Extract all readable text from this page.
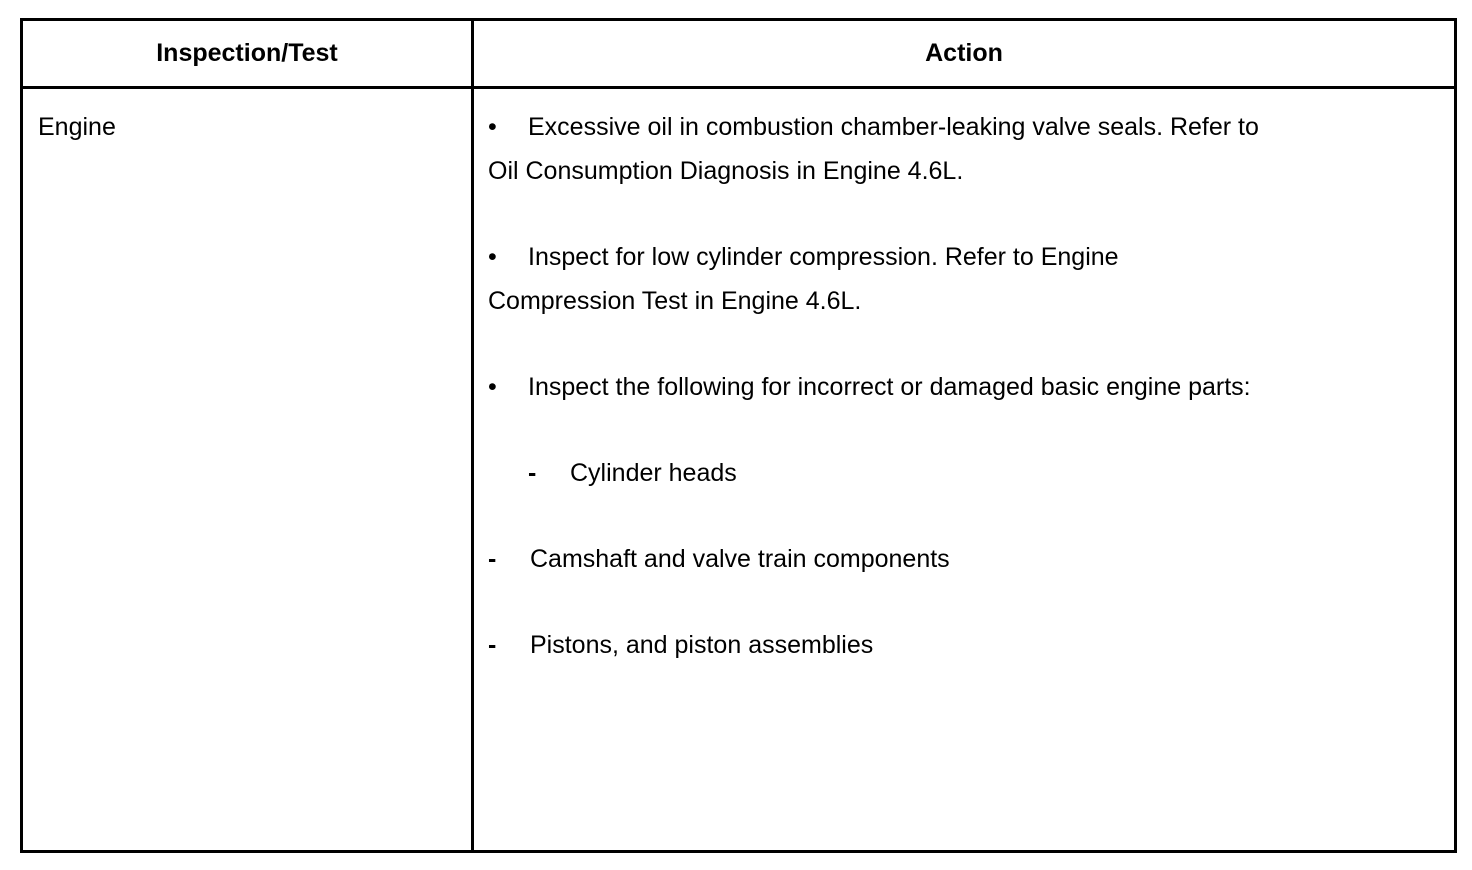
Inspection/Test	Action
Engine	• Excessive oil in combustion chamber-leaking valve seals. Refer to
Oil Consumption Diagnosis in Engine 4.6L.
• Inspect for low cylinder compression. Refer to Engine
Compression Test in Engine 4.6L.
• Inspect the following for incorrect or damaged basic engine parts:
- Cylinder heads
- Camshaft and valve train components
- Pistons, and piston assemblies
